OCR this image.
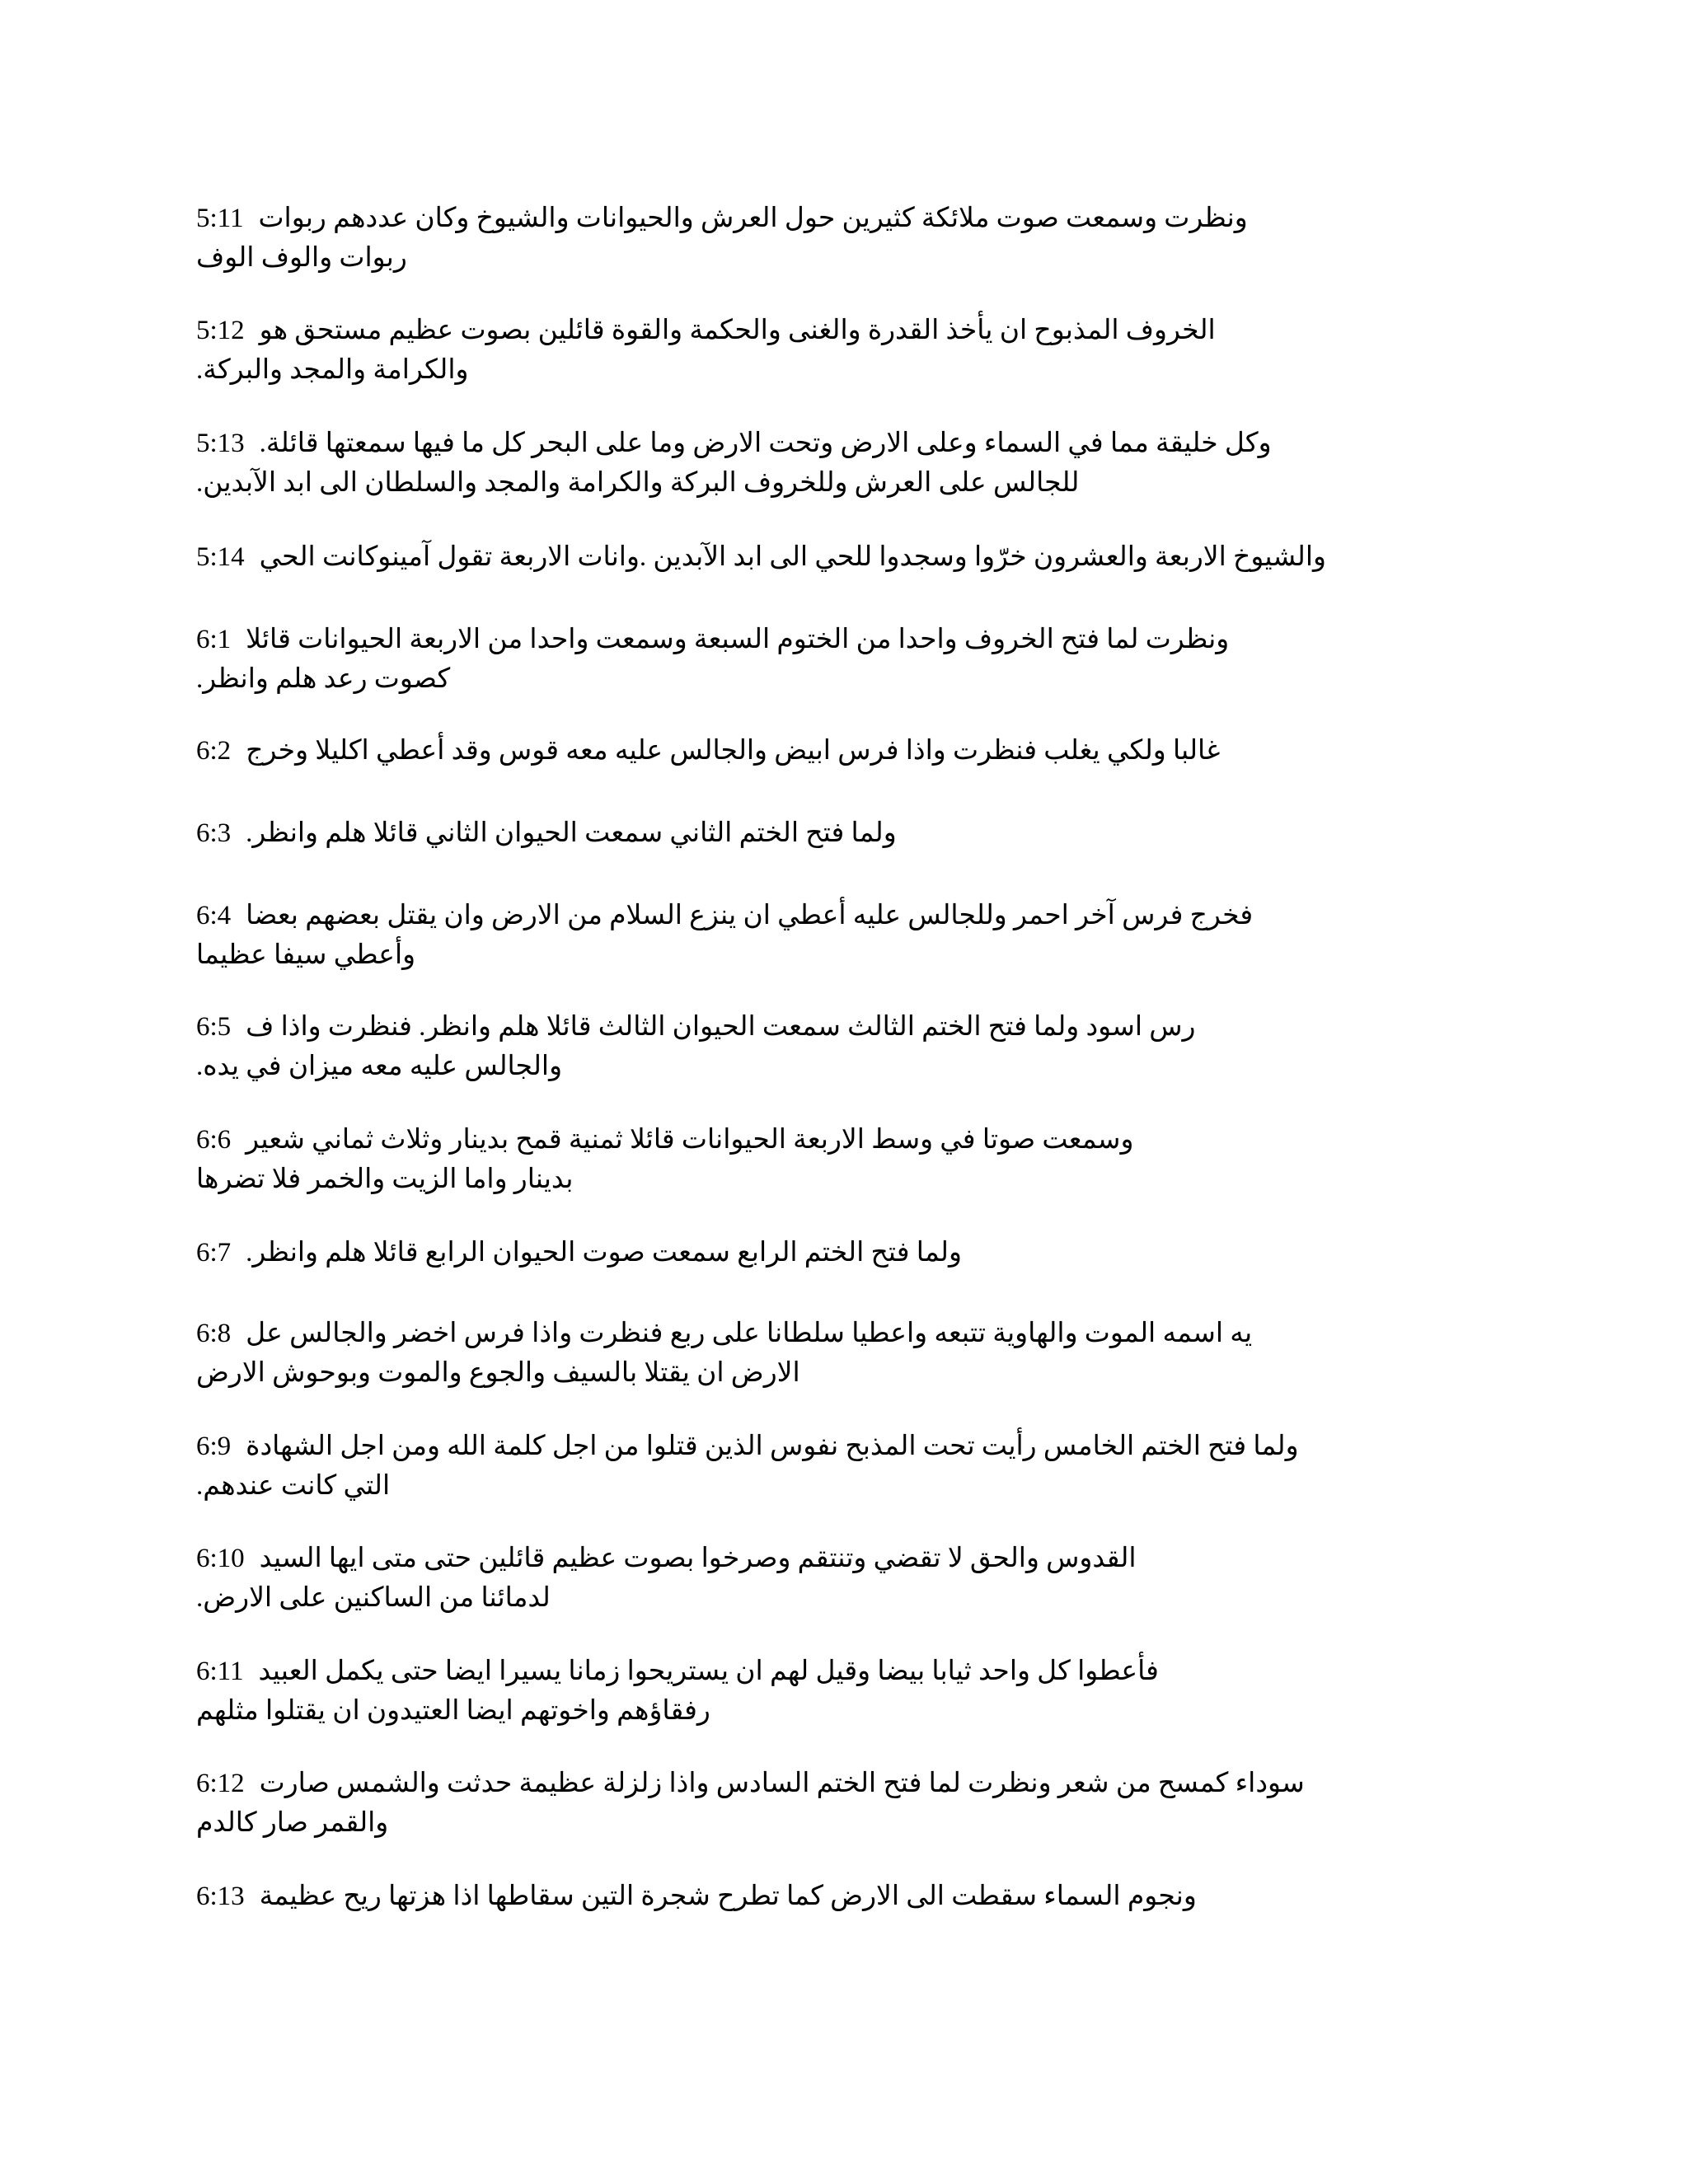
5:11 ونظرت وسمعت صوت ملائكة كثيرين حول العرش والحيوانات والشيوخ وكان عددهم ربوات
ربوات والوف الوف
5:12 الخروف المذبوح ان يأخذ القدرة والغنى والحكمة والقوة قائلين بصوت عظيم مستحق هو
والكرامة والمجد والبركة.
5:13 وكل خليقة مما في السماء وعلى الارض وتحت الارض وما على البحر كل ما فيها سمعتها قائلة.
للجالس على العرش وللخروف البركة والكرامة والمجد والسلطان الى ابد الآبدين.
5:14 والشيوخ الاربعة والعشرون خرّوا وسجدوا للحي الى ابد الآبدين .وانات الاربعة تقول آمينوكانت الحي
6:1 ونظرت لما فتح الخروف واحدا من الختوم السبعة وسمعت واحدا من الاربعة الحيوانات قائلا
كصوت رعد هلم وانظر.
6:2 غالبا ولكي يغلب فنظرت واذا فرس ابيض والجالس عليه معه قوس وقد أعطي اكليلا وخرج
6:3 ولما فتح الختم الثاني سمعت الحيوان الثاني قائلا هلم وانظر.
6:4 فخرج فرس آخر احمر وللجالس عليه أعطي ان ينزع السلام من الارض وان يقتل بعضهم بعضا
وأعطي سيفا عظيما
6:5 رس اسود ولما فتح الختم الثالث سمعت الحيوان الثالث قائلا هلم وانظر. فنظرت واذا ف
والجالس عليه معه ميزان في يده.
6:6 وسمعت صوتا في وسط الاربعة الحيوانات قائلا ثمنية قمح بدينار وثلاث ثماني شعير
بدينار واما الزيت والخمر فلا تضرها
6:7 ولما فتح الختم الرابع سمعت صوت الحيوان الرابع قائلا هلم وانظر.
6:8 يه اسمه الموت والهاوية تتبعه واعطيا سلطانا على ربع فنظرت واذا فرس اخضر والجالس عل
الارض ان يقتلا بالسيف والجوع والموت وبوحوش الارض
6:9 ولما فتح الختم الخامس رأيت تحت المذبح نفوس الذين قتلوا من اجل كلمة الله ومن اجل الشهادة
التي كانت عندهم.
6:10 القدوس والحق لا تقضي وتنتقم وصرخوا بصوت عظيم قائلين حتى متى ايها السيد
لدمائنا من الساكنين على الارض.
6:11 فأعطوا كل واحد ثيابا بيضا وقيل لهم ان يستريحوا زمانا يسيرا ايضا حتى يكمل العبيد
رفقاؤهم واخوتهم ايضا العتيدون ان يقتلوا مثلهم
6:12 سوداء كمسح من شعر ونظرت لما فتح الختم السادس واذا زلزلة عظيمة حدثت والشمس صارت
والقمر صار كالدم
6:13 ونجوم السماء سقطت الى الارض كما تطرح شجرة التين سقاطها اذا هزتها ريح عظيمة
